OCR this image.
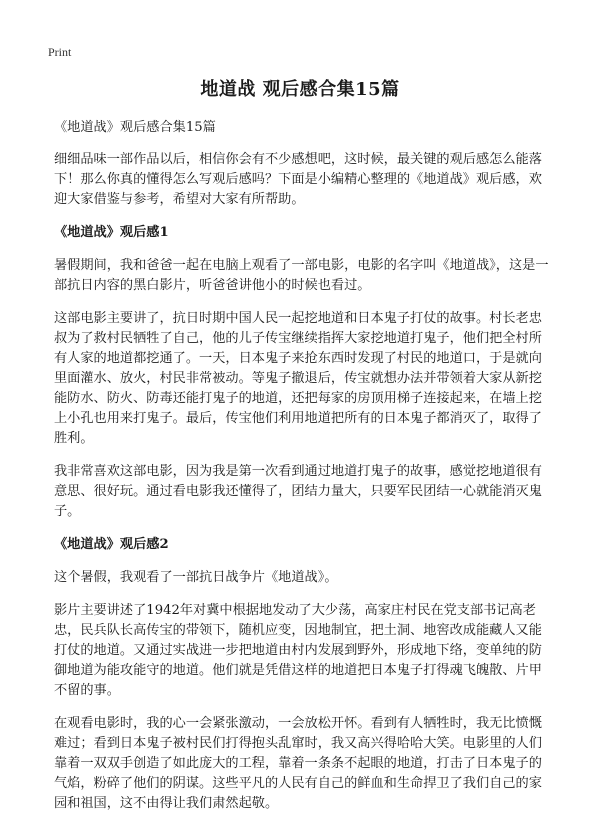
Print
地道战 观后感合集15篇

《地道战》观后感合集15篇

细细品味一部作品以后，相信你会有不少感想吧，这时候，最关键的观后感怎么能落下！那么你真的懂得怎么写观后感吗？下面是小编精心整理的《地道战》观后感，欢迎大家借鉴与参考，希望对大家有所帮助。

《地道战》观后感1

暑假期间，我和爸爸一起在电脑上观看了一部电影，电影的名字叫《地道战》，这是一部抗日内容的黑白影片，听爸爸讲他小的时候也看过。

这部电影主要讲了，抗日时期中国人民一起挖地道和日本鬼子打仗的故事。村长老忠叔为了救村民牺牲了自己，他的儿子传宝继续指挥大家挖地道打鬼子，他们把全村所有人家的地道都挖通了。一天，日本鬼子来抢东西时发现了村民的地道口，于是就向里面灌水、放火，村民非常被动。等鬼子撤退后，传宝就想办法并带领着大家从新挖能防水、防火、防毒还能打鬼子的地道，还把每家的房顶用梯子连接起来，在墙上挖上小孔也用来打鬼子。最后，传宝他们利用地道把所有的日本鬼子都消灭了，取得了胜利。

我非常喜欢这部电影，因为我是第一次看到通过地道打鬼子的故事，感觉挖地道很有意思、很好玩。通过看电影我还懂得了，团结力量大，只要军民团结一心就能消灭鬼子。

《地道战》观后感2

这个暑假，我观看了一部抗日战争片《地道战》。

影片主要讲述了1942年对冀中根据地发动了大少荡，高家庄村民在党支部书记高老忠，民兵队长高传宝的带领下，随机应变，因地制宜，把土洞、地窖改成能藏人又能打仗的地道。又通过实战进一步把地道由村内发展到野外，形成地下络，变单纯的防御地道为能攻能守的地道。他们就是凭借这样的地道把日本鬼子打得魂飞魄散、片甲不留的事。

在观看电影时，我的心一会紧张激动，一会放松开怀。看到有人牺牲时，我无比愤慨难过；看到日本鬼子被村民们打得抱头乱窜时，我又高兴得哈哈大笑。电影里的人们靠着一双双手创造了如此庞大的工程，靠着一条条不起眼的地道，打击了日本鬼子的气焰，粉碎了他们的阴谋。这些平凡的人民有自己的鲜血和生命捍卫了我们自己的家园和祖国，这不由得让我们肃然起敬。
